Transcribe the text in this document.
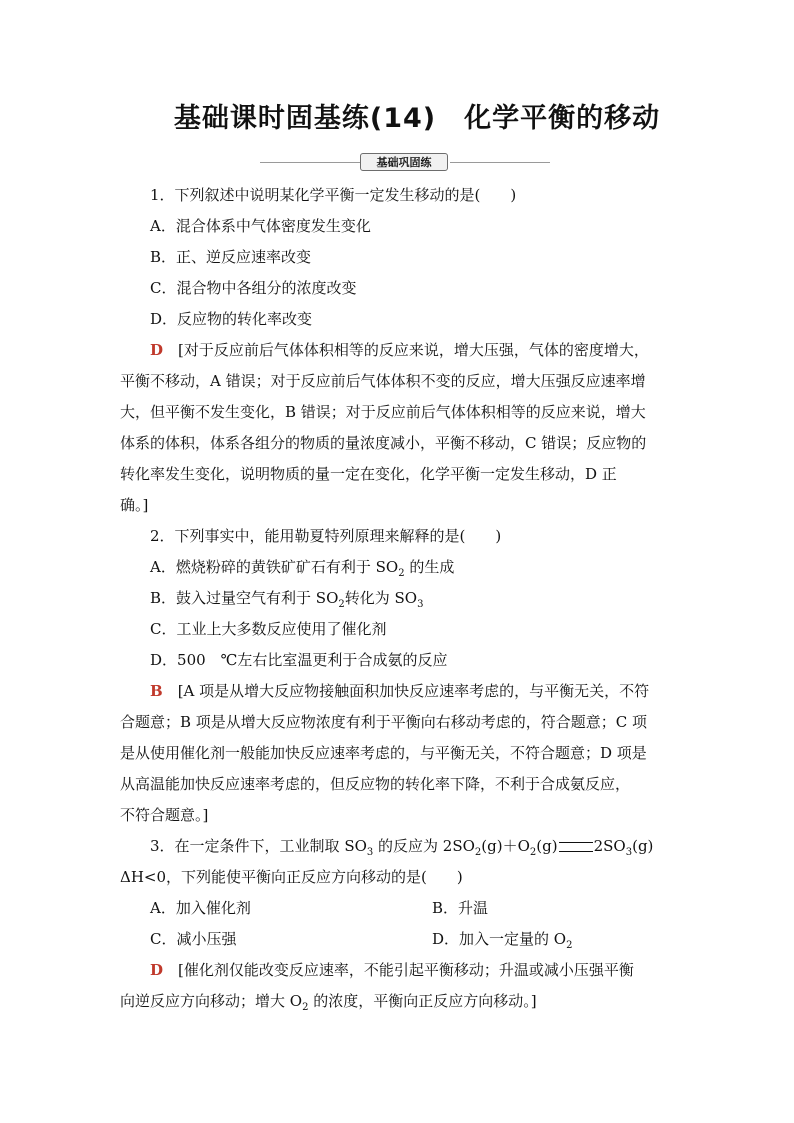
基础课时固基练(14) 化学平衡的移动
基础巩固练
1．下列叙述中说明某化学平衡一定发生移动的是(　　)
A．混合体系中气体密度发生变化
B．正、逆反应速率改变
C．混合物中各组分的浓度改变
D．反应物的转化率改变
D　 [对于反应前后气体体积相等的反应来说，增大压强，气体的密度增大，
平衡不移动，A 错误；对于反应前后气体体积不变的反应，增大压强反应速率增
大，但平衡不发生变化，B 错误；对于反应前后气体体积相等的反应来说，增大
体系的体积，体系各组分的物质的量浓度减小，平衡不移动，C 错误；反应物的
转化率发生变化，说明物质的量一定在变化，化学平衡一定发生移动，D 正
确。]
2．下列事实中，能用勒夏特列原理来解释的是(　　)
A．燃烧粉碎的黄铁矿矿石有利于 $SO_2$ 的生成
B．鼓入过量空气有利于 $SO_2$转化为 $SO_3$
C．工业上大多数反应使用了催化剂
D．500　℃左右比室温更利于合成氨的反应
B　 [A 项是从增大反应物接触面积加快反应速率考虑的，与平衡无关，不符
合题意；B 项是从增大反应物浓度有利于平衡向右移动考虑的，符合题意；C 项
是从使用催化剂一般能加快反应速率考虑的，与平衡无关，不符合题意；D 项是
从高温能加快反应速率考虑的，但反应物的转化率下降，不利于合成氨反应，
不符合题意。]
3．在一定条件下，工业制取 $SO_3$ 的反应为 $2SO_2(g)+O_2(g)$ $2SO_3(g)$
ΔH<0，下列能使平衡向正反应方向移动的是(　　)
A．加入催化剂	B．升温
C．减小压强	D．加入一定量的 $O_2$
D　 [催化剂仅能改变反应速率，不能引起平衡移动；升温或减小压强平衡
向逆反应方向移动；增大 $O_2$ 的浓度，平衡向正反应方向移动。]
